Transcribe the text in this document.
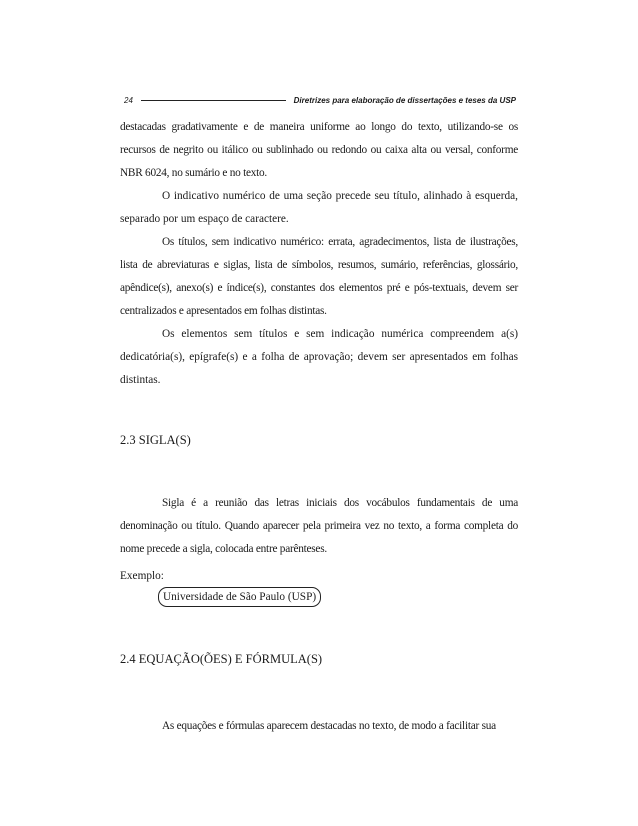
24	Diretrizes para elaboração de dissertações e teses da USP

destacadas gradativamente e de maneira uniforme ao longo do texto, utilizando-se os recursos de negrito ou itálico ou sublinhado ou redondo ou caixa alta ou versal, conforme NBR 6024, no sumário e no texto.

O indicativo numérico de uma seção precede seu título, alinhado à esquerda, separado por um espaço de caractere.

Os títulos, sem indicativo numérico: errata, agradecimentos, lista de ilustrações, lista de abreviaturas e siglas, lista de símbolos, resumos, sumário, referências, glossário, apêndice(s), anexo(s) e índice(s), constantes dos elementos pré e pós-textuais, devem ser centralizados e apresentados em folhas distintas.

Os elementos sem títulos e sem indicação numérica compreendem a(s) dedicatória(s), epígrafe(s) e a folha de aprovação; devem ser apresentados em folhas distintas.

2.3 SIGLA(S)

Sigla é a reunião das letras iniciais dos vocábulos fundamentais de uma denominação ou título. Quando aparecer pela primeira vez no texto, a forma completa do nome precede a sigla, colocada entre parênteses.

Exemplo:

Universidade de São Paulo (USP)
2.4 EQUAÇÃO(ÕES) E FÓRMULA(S)

As equações e fórmulas aparecem destacadas no texto, de modo a facilitar sua
